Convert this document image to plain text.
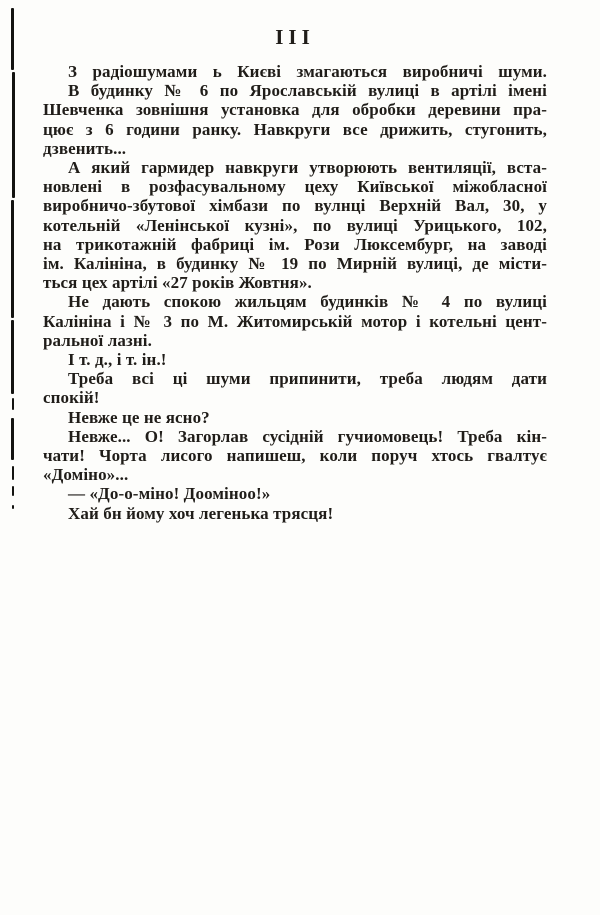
III
З радіошумами ь Києві змагаються виробничі шуми.
В будинку № 6 по Ярославській вулиці в артілі імені
Шевченка зовнішня установка для обробки деревини пра-
цює з 6 години ранку. Навкруги все дрижить, стугонить,
дзвенить...
А який гармидер навкруги утворюють вентиляції, вста-
новлені в розфасувальному цеху Київської міжобласної
виробничо-збутової хімбази по вулнці Верхній Вал, 30, у
котельній «Ленінської кузні», по вулиці Урицького, 102,
на трикотажній фабриці ім. Рози Люксембург, на заводі
ім. Калініна, в будинку № 19 по Мирній вулиці, де місти-
ться цех артілі «27 років Жовтня».
Не дають спокою жильцям будинків № 4 по вулиці
Калініна і № 3 по М. Житомирській мотор і котельні цент-
ральної лазні.
І т. д., і т. ін.!
Треба всі ці шуми припинити, треба людям дати
спокій!
Невже це не ясно?
Невже... О! Загорлав сусідній гучиомовець! Треба кін-
чати! Чорта лисого напишеш, коли поруч хтось гвалтує
«Доміно»...
— «До-о-міно! Доомінoo!»
Хай бн йому хоч легенька трясця!
